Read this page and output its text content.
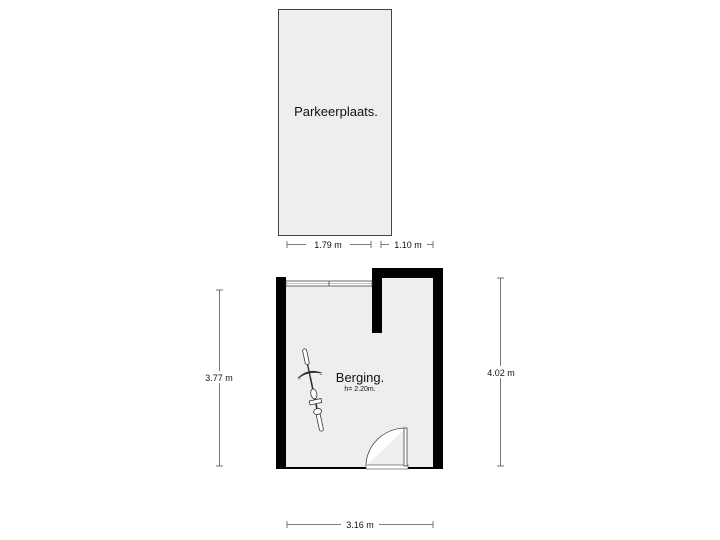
Parkeerplaats.
1.79 m	1.10 m
Berging.
h= 2.20m.
3.77 m	4.02 m
3.16 m
